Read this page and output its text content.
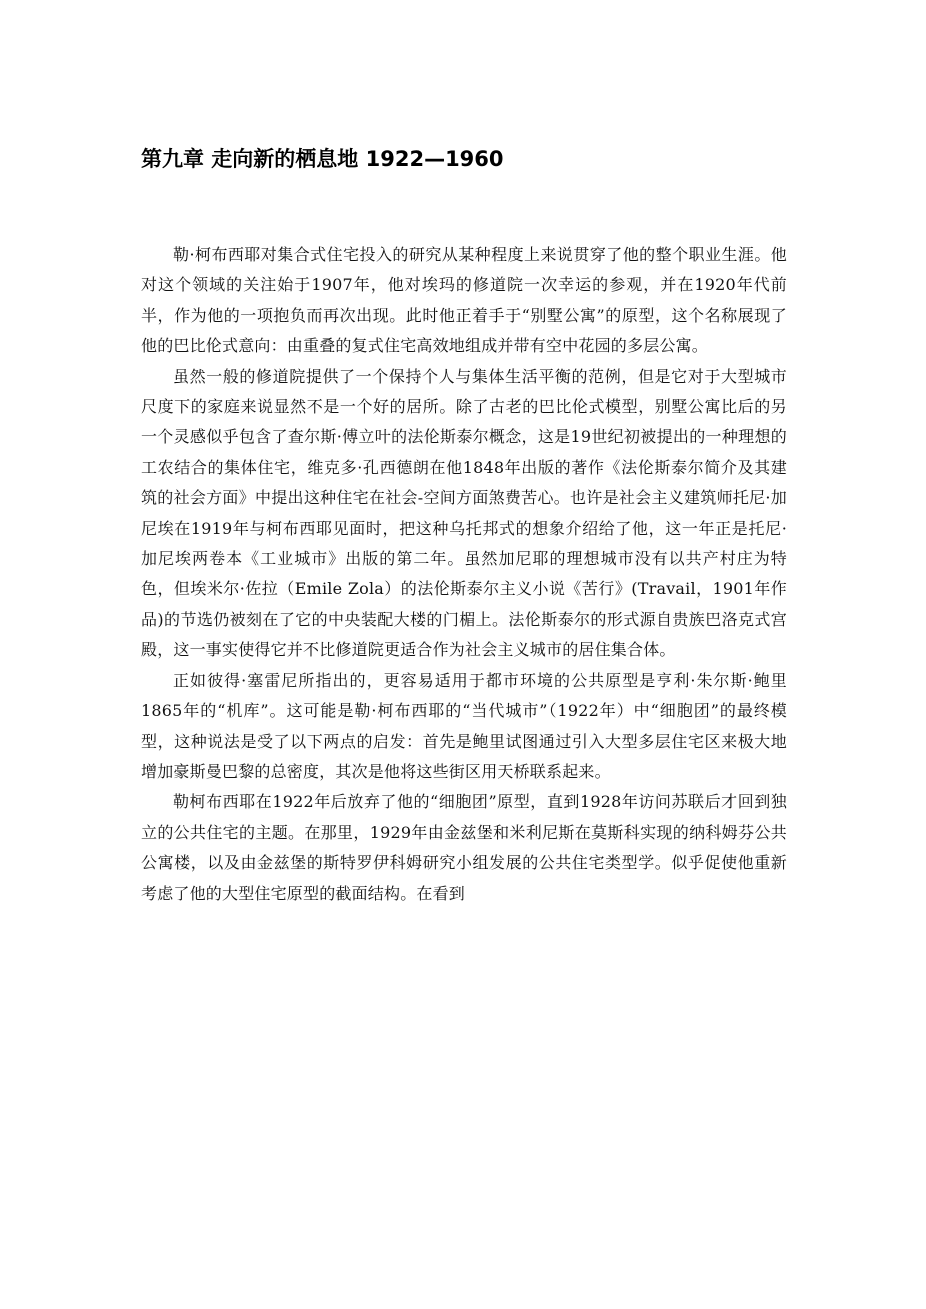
第九章 走向新的栖息地 1922—1960

勒·柯布西耶对集合式住宅投入的研究从某种程度上来说贯穿了他的整个职业生涯。他对这个领域的关注始于1907年，他对埃玛的修道院一次幸运的参观，并在1920年代前半，作为他的一项抱负而再次出现。此时他正着手于“别墅公寓”的原型，这个名称展现了他的巴比伦式意向：由重叠的复式住宅高效地组成并带有空中花园的多层公寓。

虽然一般的修道院提供了一个保持个人与集体生活平衡的范例，但是它对于大型城市尺度下的家庭来说显然不是一个好的居所。除了古老的巴比伦式模型，别墅公寓比后的另一个灵感似乎包含了查尔斯·傅立叶的法伦斯泰尔概念，这是19世纪初被提出的一种理想的工农结合的集体住宅，维克多·孔西德朗在他1848年出版的著作《法伦斯泰尔简介及其建筑的社会方面》中提出这种住宅在社会-空间方面煞费苦心。也许是社会主义建筑师托尼·加尼埃在1919年与柯布西耶见面时，把这种乌托邦式的想象介绍给了他，这一年正是托尼·加尼埃两卷本《工业城市》出版的第二年。虽然加尼耶的理想城市没有以共产村庄为特色，但埃米尔·佐拉（Emile Zola）的法伦斯泰尔主义小说《苦行》(Travail，1901年作品)的节选仍被刻在了它的中央装配大楼的门楣上。法伦斯泰尔的形式源自贵族巴洛克式宫殿，这一事实使得它并不比修道院更适合作为社会主义城市的居住集合体。

正如彼得·塞雷尼所指出的，更容易适用于都市环境的公共原型是亨利·朱尔斯·鲍里1865年的“机库”。这可能是勒·柯布西耶的“当代城市”（1922年）中“细胞团”的最终模型，这种说法是受了以下两点的启发：首先是鲍里试图通过引入大型多层住宅区来极大地增加豪斯曼巴黎的总密度，其次是他将这些街区用天桥联系起来。

勒柯布西耶在1922年后放弃了他的“细胞团”原型，直到1928年访问苏联后才回到独立的公共住宅的主题。在那里，1929年由金兹堡和米利尼斯在莫斯科实现的纳科姆芬公共公寓楼，以及由金兹堡的斯特罗伊科姆研究小组发展的公共住宅类型学。似乎促使他重新考虑了他的大型住宅原型的截面结构。在看到
